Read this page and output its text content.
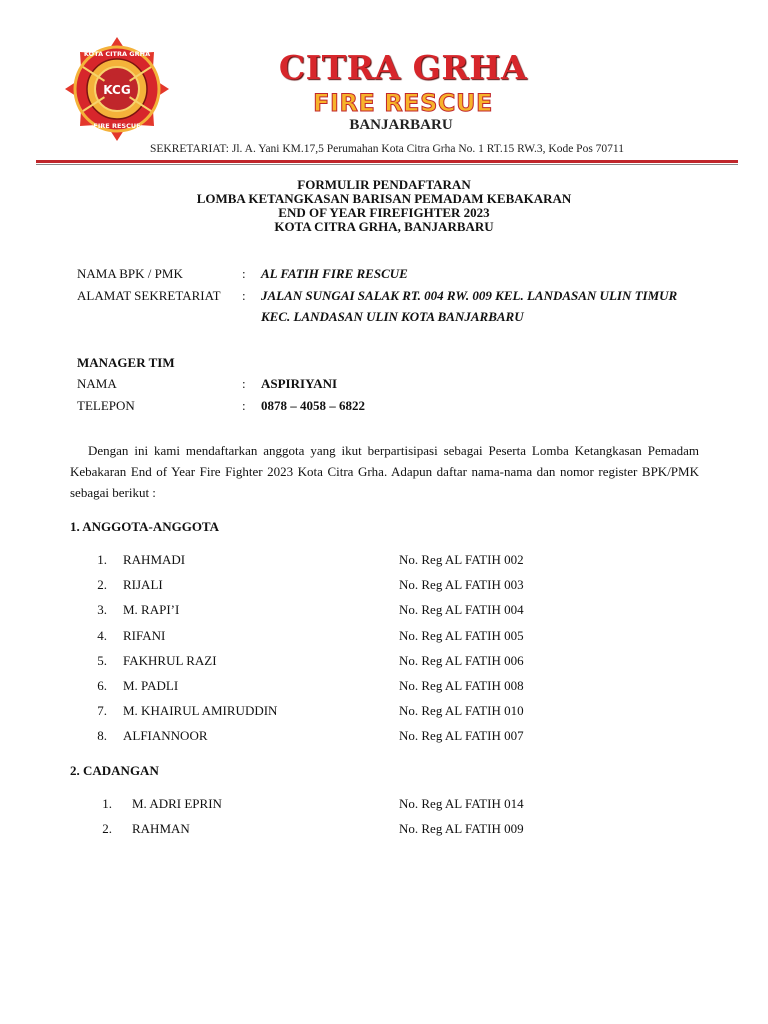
KOTA CITRA GRHA
KCG
FIRE RESCUE
CITRA GRHA
FIRE RESCUE
BANJARBARU
SEKRETARIAT: Jl. A. Yani KM.17,5 Perumahan Kota Citra Grha No. 1 RT.15 RW.3, Kode Pos 70711
FORMULIR PENDAFTARAN
LOMBA KETANGKASAN BARISAN PEMADAM KEBAKARAN
END OF YEAR FIREFIGHTER 2023
KOTA CITRA GRHA, BANJARBARU
NAMA BPK / PMK	: AL FATIH FIRE RESCUE
ALAMAT SEKRETARIAT : JALAN SUNGAI SALAK RT. 004 RW. 009 KEL. LANDASAN ULIN TIMUR
KEC. LANDASAN ULIN KOTA BANJARBARU
MANAGER TIM
NAMA	: ASPIRIYANI
TELEPON	: 0878 – 4058 – 6822
Dengan ini kami mendaftarkan anggota yang ikut berpartisipasi sebagai Peserta Lomba Ketangkasan Pemadam Kebakaran End of Year Fire Fighter 2023 Kota Citra Grha. Adapun daftar nama-nama dan nomor register BPK/PMK sebagai berikut :
1. ANGGOTA-ANGGOTA
1. RAHMADI	No. Reg AL FATIH 002
2. RIJALI	No. Reg AL FATIH 003
3. M. RAPI’I	No. Reg AL FATIH 004
4. RIFANI	No. Reg AL FATIH 005
5. FAKHRUL RAZI	No. Reg AL FATIH 006
6. M. PADLI	No. Reg AL FATIH 008
7. M. KHAIRUL AMIRUDDIN	No. Reg AL FATIH 010
8. ALFIANNOOR	No. Reg AL FATIH 007
2. CADANGAN
1. M. ADRI EPRIN	No. Reg AL FATIH 014
2. RAHMAN	No. Reg AL FATIH 009
